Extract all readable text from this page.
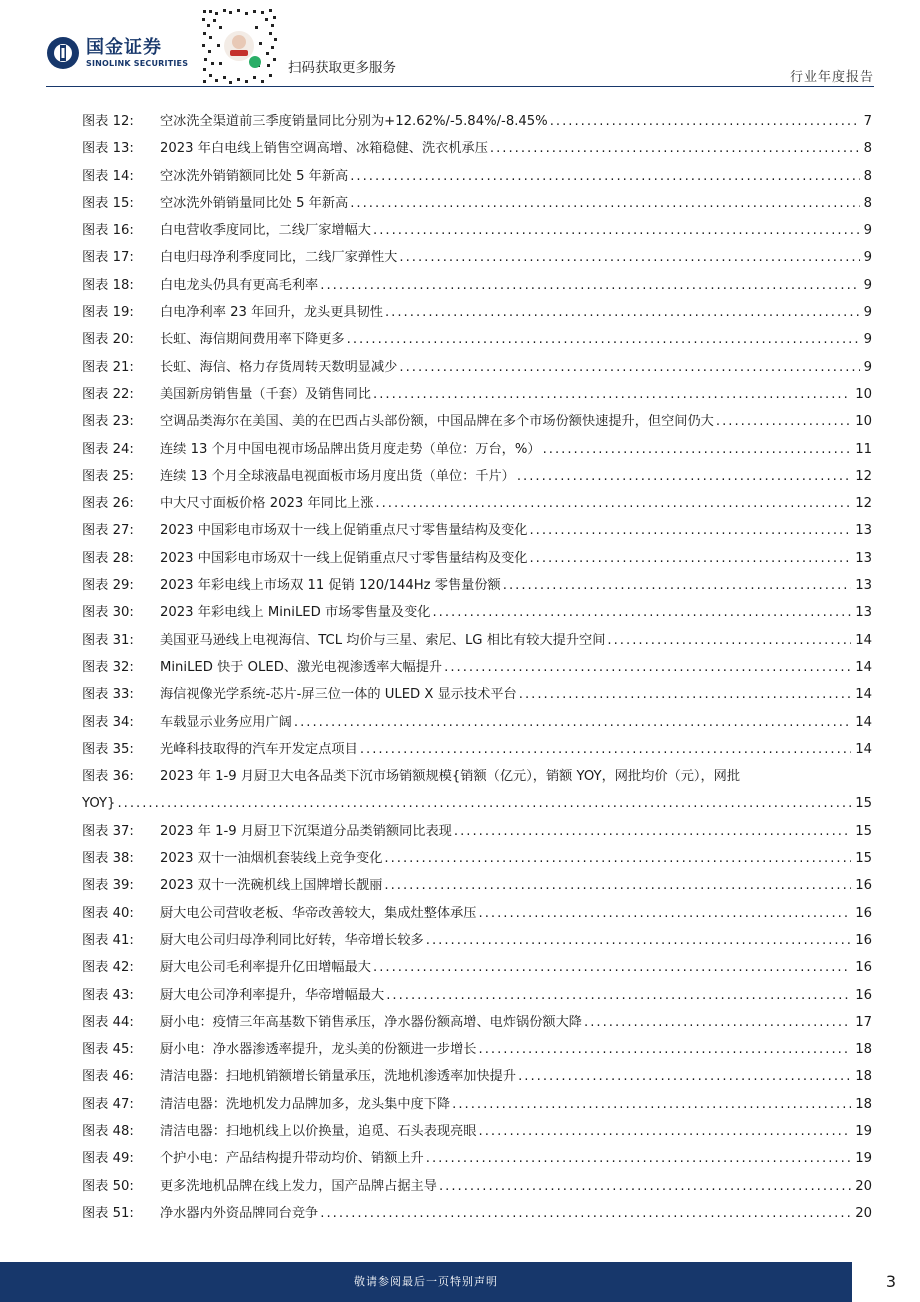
国金证券
SINOLINK SECURITIES	扫码获取更多服务
行业年度报告
图表 12:	空冰洗全渠道前三季度销量同比分别为+12.62%/-5.84%/-8.45% .....	7
图表 13:	2023 年白电线上销售空调高增、冰箱稳健、洗衣机承压 .....	8
图表 14:	空冰洗外销销额同比处 5 年新高 .....	8
图表 15:	空冰洗外销销量同比处 5 年新高 .....	8
图表 16:	白电营收季度同比，二线厂家增幅大 .....	9
图表 17:	白电归母净利季度同比，二线厂家弹性大 .....	9
图表 18:	白电龙头仍具有更高毛利率 .....	9
图表 19:	白电净利率 23 年回升，龙头更具韧性 .....	9
图表 20:	长虹、海信期间费用率下降更多 .....	9
图表 21:	长虹、海信、格力存货周转天数明显减少 .....	9
图表 22:	美国新房销售量（千套）及销售同比 .....	10
图表 23:	空调品类海尔在美国、美的在巴西占头部份额，中国品牌在多个市场份额快速提升，但空间仍大 .....	10
图表 24:	连续 13 个月中国电视市场品牌出货月度走势（单位：万台，%） .....	11
图表 25:	连续 13 个月全球液晶电视面板市场月度出货（单位：千片） .....	12
图表 26:	中大尺寸面板价格 2023 年同比上涨 .....	12
图表 27:	2023 中国彩电市场双十一线上促销重点尺寸零售量结构及变化 .....	13
图表 28:	2023 中国彩电市场双十一线上促销重点尺寸零售量结构及变化 .....	13
图表 29:	2023 年彩电线上市场双 11 促销 120/144Hz 零售量份额 .....	13
图表 30:	2023 年彩电线上 MiniLED 市场零售量及变化 .....	13
图表 31:	美国亚马逊线上电视海信、TCL 均价与三星、索尼、LG 相比有较大提升空间 .....	14
图表 32:	MiniLED 快于 OLED、激光电视渗透率大幅提升 .....	14
图表 33:	海信视像光学系统-芯片-屏三位一体的 ULED X 显示技术平台 .....	14
图表 34:	车载显示业务应用广阔 .....	14
图表 35:	光峰科技取得的汽车开发定点项目 .....	14
图表 36:	2023 年 1-9 月厨卫大电各品类下沉市场销额规模{销额（亿元），销额 YOY，网批均价（元），网批
YOY} .....	15
图表 37:	2023 年 1-9 月厨卫下沉渠道分品类销额同比表现 .....	15
图表 38:	2023 双十一油烟机套装线上竞争变化 .....	15
图表 39:	2023 双十一洗碗机线上国牌增长靓丽 .....	16
图表 40:	厨大电公司营收老板、华帝改善较大，集成灶整体承压 .....	16
图表 41:	厨大电公司归母净利同比好转，华帝增长较多 .....	16
图表 42:	厨大电公司毛利率提升亿田增幅最大 .....	16
图表 43:	厨大电公司净利率提升，华帝增幅最大 .....	16
图表 44:	厨小电：疫情三年高基数下销售承压，净水器份额高增、电炸锅份额大降 .....	17
图表 45:	厨小电：净水器渗透率提升，龙头美的份额进一步增长 .....	18
图表 46:	清洁电器：扫地机销额增长销量承压，洗地机渗透率加快提升 .....	18
图表 47:	清洁电器：洗地机发力品牌加多，龙头集中度下降 .....	18
图表 48:	清洁电器：扫地机线上以价换量，追觅、石头表现亮眼 .....	19
图表 49:	个护小电：产品结构提升带动均价、销额上升 .....	19
图表 50:	更多洗地机品牌在线上发力，国产品牌占据主导 .....	20
图表 51:	净水器内外资品牌同台竞争 .....	20
敬请参阅最后一页特别声明	3
